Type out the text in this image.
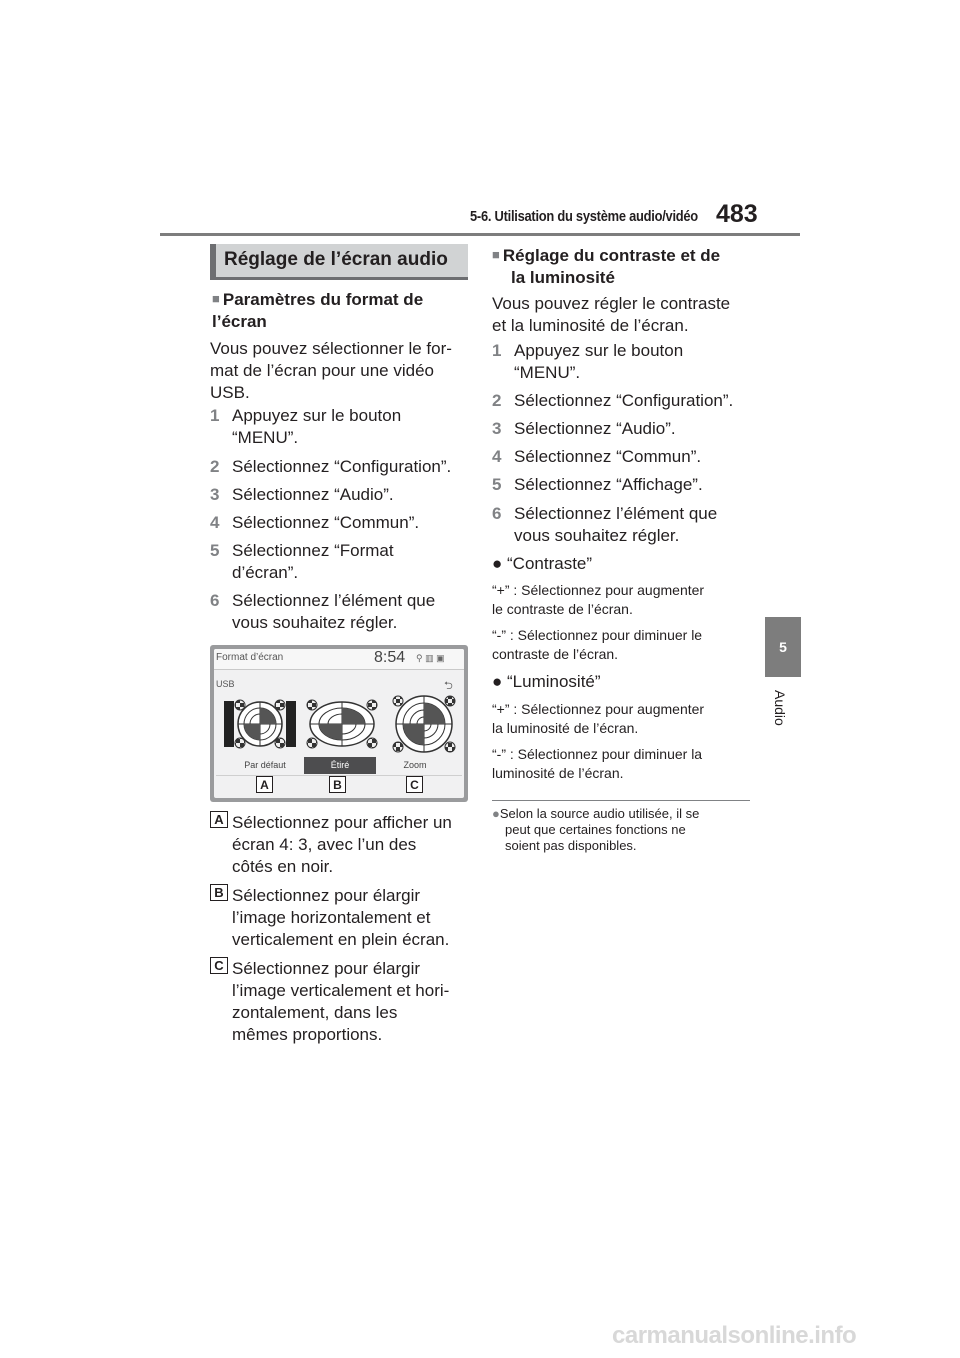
5-6. Utilisation du système audio/vidéo 483
5
Audio
Réglage de l’écran audio
■ Paramètres du format de l’écran
Vous pouvez sélectionner le for-
mat de l’écran pour une vidéo
USB.
1 Appuyez sur le bouton
“MENU”.
2 Sélectionnez “Configuration”.
3 Sélectionnez “Audio”.
4 Sélectionnez “Commun”.
5 Sélectionnez “Format
d’écran”.
6 Sélectionnez l’élément que
vous souhaitez régler.
Format d’écran	8:54 ⚲ ▥ ▣
USB	⮌
Par défaut	Étiré	Zoom
A	B	C
A Sélectionnez pour afficher un
écran 4: 3, avec l’un des
côtés en noir.
B Sélectionnez pour élargir
l’image horizontalement et
verticalement en plein écran.
C Sélectionnez pour élargir
l’image verticalement et hori-
zontalement, dans les
mêmes proportions.
■ Réglage du contraste et de
la luminosité
Vous pouvez régler le contraste
et la luminosité de l’écran.
1 Appuyez sur le bouton
“MENU”.
2 Sélectionnez “Configuration”.
3 Sélectionnez “Audio”.
4 Sélectionnez “Commun”.
5 Sélectionnez “Affichage”.
6 Sélectionnez l’élément que
vous souhaitez régler.
● “Contraste”
“+” : Sélectionnez pour augmenter
le contraste de l’écran.
“-” : Sélectionnez pour diminuer le
contraste de l’écran.
● “Luminosité”
“+” : Sélectionnez pour augmenter
la luminosité de l’écran.
“-” : Sélectionnez pour diminuer la
luminosité de l’écran.
●Selon la source audio utilisée, il se
peut que certaines fonctions ne
soient pas disponibles.
carmanualsonline.info
